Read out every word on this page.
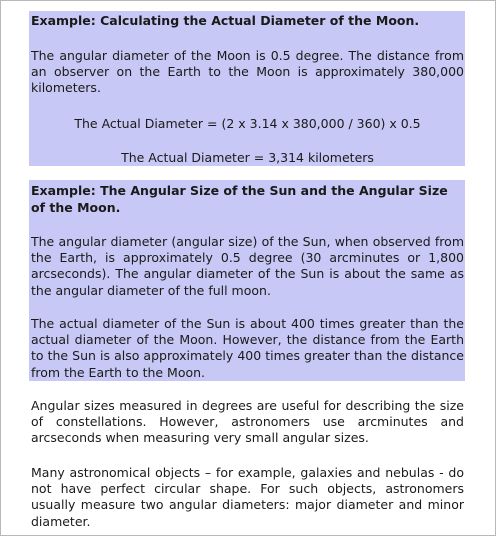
Example: Calculating the Actual Diameter of the Moon.

The angular diameter of the Moon is 0.5 degree. The distance from an observer on the Earth to the Moon is approximately 380,000 kilometers.

The Actual Diameter = (2 x 3.14 x 380,000 / 360) x 0.5

The Actual Diameter = 3,314 kilometers

Example: The Angular Size of the Sun and the Angular Size of the Moon.

The angular diameter (angular size) of the Sun, when observed from the Earth, is approximately 0.5 degree (30 arcminutes or 1,800 arcseconds). The angular diameter of the Sun is about the same as the angular diameter of the full moon.

The actual diameter of the Sun is about 400 times greater than the actual diameter of the Moon. However, the distance from the Earth to the Sun is also approximately 400 times greater than the distance from the Earth to the Moon.

Angular sizes measured in degrees are useful for describing the size of constellations. However, astronomers use arcminutes and arcseconds when measuring very small angular sizes.

Many astronomical objects – for example, galaxies and nebulas - do not have perfect circular shape. For such objects, astronomers usually measure two angular diameters: major diameter and minor diameter.
